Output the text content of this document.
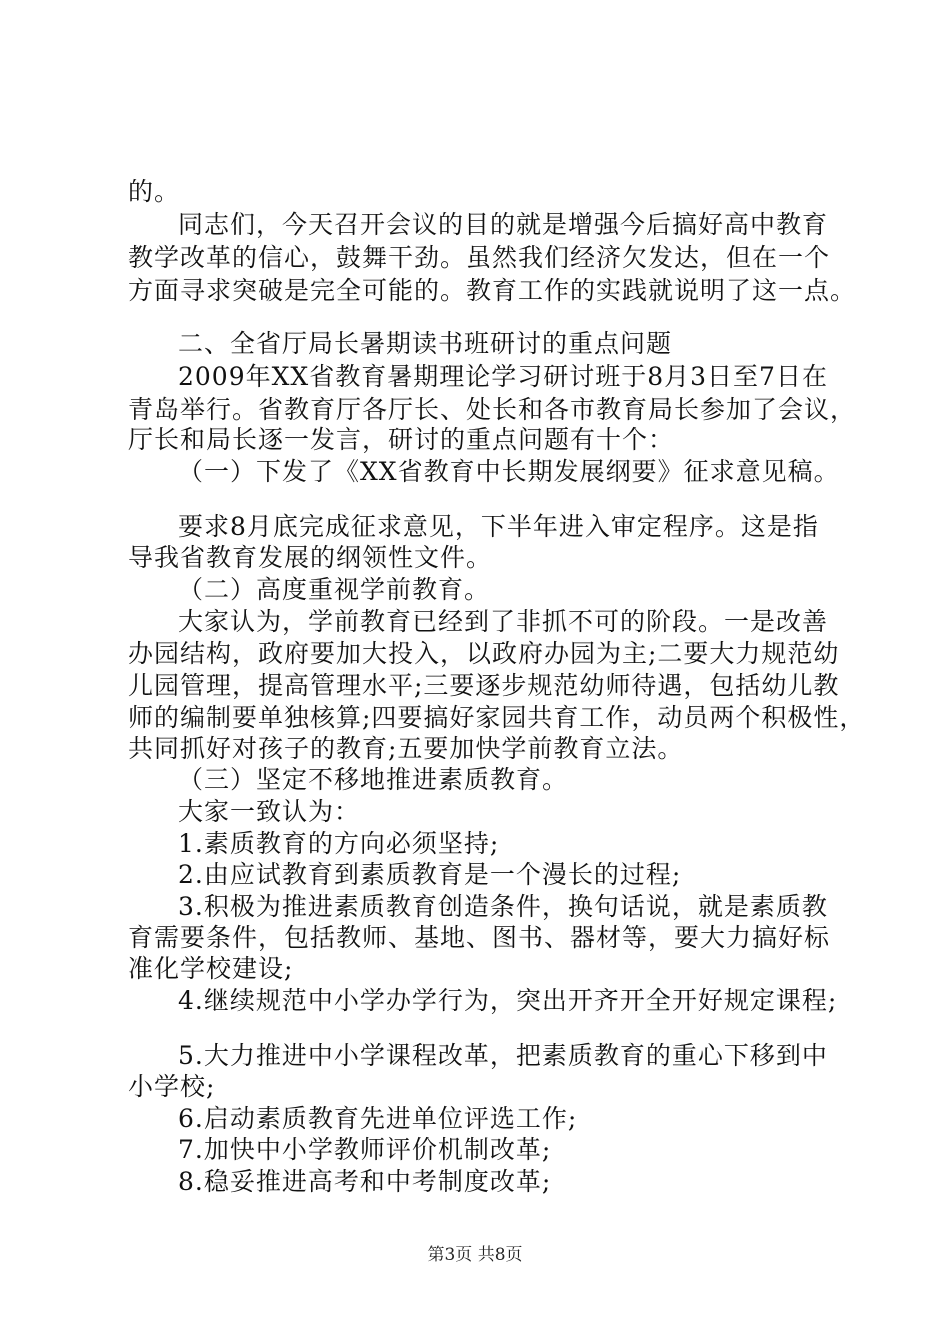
的。
同志们，今天召开会议的目的就是增强今后搞好高中教育
教学改革的信心，鼓舞干劲。虽然我们经济欠发达，但在一个
方面寻求突破是完全可能的。教育工作的实践就说明了这一点。
二、全省厅局长暑期读书班研讨的重点问题
2009年XX省教育暑期理论学习研讨班于8月3日至7日在
青岛举行。省教育厅各厅长、处长和各市教育局长参加了会议，
厅长和局长逐一发言，研讨的重点问题有十个：
（一）下发了《XX省教育中长期发展纲要》征求意见稿。
要求8月底完成征求意见，下半年进入审定程序。这是指
导我省教育发展的纲领性文件。
（二）高度重视学前教育。
大家认为，学前教育已经到了非抓不可的阶段。一是改善
办园结构，政府要加大投入，以政府办园为主;二要大力规范幼
儿园管理，提高管理水平;三要逐步规范幼师待遇，包括幼儿教
师的编制要单独核算;四要搞好家园共育工作，动员两个积极性，
共同抓好对孩子的教育;五要加快学前教育立法。
（三）坚定不移地推进素质教育。
大家一致认为：
1.素质教育的方向必须坚持;
2.由应试教育到素质教育是一个漫长的过程;
3.积极为推进素质教育创造条件，换句话说，就是素质教
育需要条件，包括教师、基地、图书、器材等，要大力搞好标
准化学校建设;
4.继续规范中小学办学行为，突出开齐开全开好规定课程;
5.大力推进中小学课程改革，把素质教育的重心下移到中
小学校;
6.启动素质教育先进单位评选工作;
7.加快中小学教师评价机制改革;
8.稳妥推进高考和中考制度改革;
第3页 共8页
